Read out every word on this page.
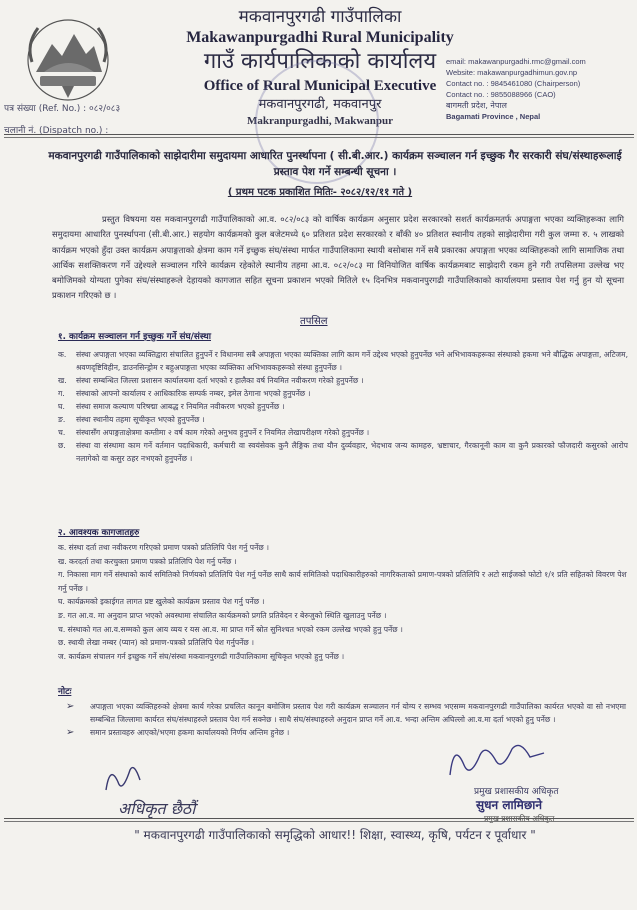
मकवानपुरगढी गाउँपालिका
Makawanpurgadhi Rural Municipality
गाउँ कार्यपालिकाको कार्यालय
Office of Rural Municipal Executive
मकवानपुरगढी, मकवानपुर
Makranpurgadhi, Makwanpur
email: makawanpurgadhi.rmc@gmail.com
Website: makawanpurgadhimun.gov.np
Contact no. : 9845461080 (Chairperson)
Contact no. : 9855088966 (CAO)
बागमती प्रदेश, नेपाल
Bagamati Province , Nepal
पत्र संख्या (Ref. No.) : ०८२/०८३
चलानी नं. (Dispatch no.) :
मकवानपुरगढी गाउँपालिकाको साझेदारीमा समुदायमा आधारित पुनर्स्थापना ( सी.बी.आर.) कार्यक्रम सञ्चालन गर्न इच्छुक गैर सरकारी संघ/संस्थाहरूलाई प्रस्ताव पेश गर्ने सम्बन्धी सूचना ।
( प्रथम पटक प्रकाशित मितिः- २०८२/१२/११ गते )
प्रस्तुत विषयमा यस मकवानपुरगढी गाउँपालिकाको आ.व. ०८२/०८३ को वार्षिक कार्यक्रम अनुसार प्रदेश सरकारको सशर्त कार्यक्रमतर्फ अपाङ्गता भएका व्यक्तिहरूका लागि समुदायमा आधारित पुनर्स्थापना (सी.बी.आर.) सहयोग कार्यक्रमको कुल बजेटमध्ये ६० प्रतिशत प्रदेश सरकारको र बाँकी ४० प्रतिशत स्थानीय तहको साझेदारीमा गरी कुल जम्मा रु. ५ लाखको कार्यक्रम भएको हुँदा उक्त कार्यक्रम अपाङ्गताको क्षेत्रमा काम गर्ने इच्छुक संघ/संस्था मार्फत गाउँपालिकामा स्थायी बसोबास गर्ने सबै प्रकारका अपाङ्गता भएका व्यक्तिहरूको लागि सामाजिक तथा आर्थिक सशक्तिकरण गर्ने उद्देश्यले सञ्चालन गरिने कार्यक्रम रहेकोले स्थानीय तहमा आ.व. ०८२/०८३ मा विनियोजित वार्षिक कार्यक्रमबाट साझेदारी रकम हुने गरी तपसिलमा उल्लेख भए बमोजिमको योग्यता पुगेका संघ/संस्थाहरूले देहायको कागजात सहित सूचना प्रकाशन भएको मितिले १५ दिनभित्र मकवानपुरगढी गाउँपालिकाको कार्यालयमा प्रस्ताव पेश गर्नु हुन यो सूचना प्रकाशन गरिएको छ ।
तपसिल
१. कार्यक्रम सञ्चालन गर्न इच्छुक गर्ने संघ/संस्था
क.	संस्था अपाङ्गता भएका व्यक्तिद्वारा संचालित हुनुपर्ने र विधानमा सबै अपाङ्गता भएका व्यक्तिका लागि काम गर्ने उद्देश्य भएको हुनुपर्नेछ भने अभिभावकहरूका संस्थाको हकमा भने बौद्धिक अपाङ्गता, अटिजम, श्रवणदृष्टिविहीन, डाउनसिन्ड्रोम र बहुअपाङ्गता भएका व्यक्तिका अभिभावकहरूको संस्था हुनुपर्नेछ ।
ख.	संस्था सम्बन्धित जिल्ला प्रशासन कार्यालयमा दर्ता भएको र हालैका वर्ष नियमित नवीकरण गरेको हुनुपर्नेछ ।
ग.	संस्थाको आफ्नो कार्यालय र आधिकारिक सम्पर्क नम्बर, इमेल ठेगाना भएको हुनुपर्नेछ ।
घ.	संस्था समाज कल्याण परिषद्मा आबद्ध र नियमित नवीकरण भएको हुनुपर्नेछ ।
ङ.	संस्था स्थानीय तहमा सूचीकृत भएको हुनुपर्नेछ ।
च.	संस्थासँग अपाङ्गताक्षेत्रमा कम्तीमा २ वर्ष काम गरेको अनुभव हुनुपर्ने र नियमित लेखापरीक्षण गरेको हुनुपर्नेछ ।
छ.	संस्था वा संस्थामा काम गर्ने वर्तमान पदाधिकारी, कर्मचारी वा स्वयंसेवक कुनै लैङ्गिक तथा यौन दुर्व्यवहार, भेदभाव जन्य कामहरु, भ्रष्टाचार, गैरकानूनी काम वा कुनै प्रकारको फौजदारी कसुरको आरोप नलागेको वा कसुर ठहर नभएको हुनुपर्नेछ ।
२. आवश्यक कागजातहरु
क. संस्था दर्ता तथा नवीकरण गरिएको प्रमाण पत्रको प्रतिलिपि पेश गर्नु पर्नेछ ।
ख. करदर्ता तथा करचुक्ता प्रमाण पत्रको प्रतिलिपि पेश गर्नु पर्नेछ ।
ग. निकासा माग गर्ने संस्थाको कार्य समितिको निर्णयको प्रतिलिपि पेश गर्नु पर्नेछ साथै कार्य समितिको पदाधिकारीहरुको नागरिकताको प्रमाण-पत्रको प्रतिलिपि र अटो साईजको फोटो १/१ प्रति सहितको विवरण पेश गर्नु पर्नेछ ।
घ. कार्यक्रमको इकाईगत लागत प्रष्ट खुलेको कार्यक्रम प्रस्ताव पेश गर्नु पर्नेछ ।
ङ. गत आ.व. मा अनुदान प्राप्त भएको अवस्थामा संचालित कार्यक्रमको प्रगति प्रतिवेदन र बेरुजुको स्थिति खुलाउनु पर्नेछ ।
च. संस्थाको गत आ.व.सम्मको कुल आय व्यय र यस आ.व. मा प्राप्त गर्ने स्रोत सुनिश्चत भएको रकम उल्लेख भएको हुनु पर्नेछ ।
छ. स्थायी लेखा नम्बर (प्यान) को प्रमाण-पत्रको प्रतिलिपि पेश गर्नुपर्नेछ ।
ज. कार्यक्रम संचालन गर्न इच्छुक गर्ने संघ/संस्था मकवानपुरगढी गाउँपालिकामा सूचिकृत भएको हुनु पर्नेछ ।
नोटः
➢	अपाङ्गता भएका व्यक्तिहरुको क्षेत्रमा कार्य गरेका प्रचलित कानून बमोजिम प्रस्ताव पेश गरी कार्यक्रम सञ्चालन गर्न योग्य र सम्भव भएसम्म मकवानपुरगढी गाउँपालिका कार्यरत भएको वा सो नभएमा सम्बन्धित जिल्लामा कार्यरत संघ/संस्थाहरुले प्रस्ताव पेश गर्न सक्नेछ । साथै संघ/संस्थाहरुले अनुदान प्राप्त गर्ने आ.व. भन्दा अन्तिम अघिल्लो आ.व.मा दर्ता भएको हुनु पर्नेछ ।
➢	समान प्रस्तावहरु आएको/भएमा हकमा कार्यालयको निर्णय अन्तिम हुनेछ ।
अधिकृत छैठौं
प्रमुख प्रशासकीय अधिकृत
सुधन लामिछाने
प्रमुख प्रशासकीय अधिकृत
" मकवानपुरगढी गाउँपालिकाको समृद्धिको आधार!! शिक्षा, स्वास्थ्य, कृषि, पर्यटन र पूर्वाधार "
